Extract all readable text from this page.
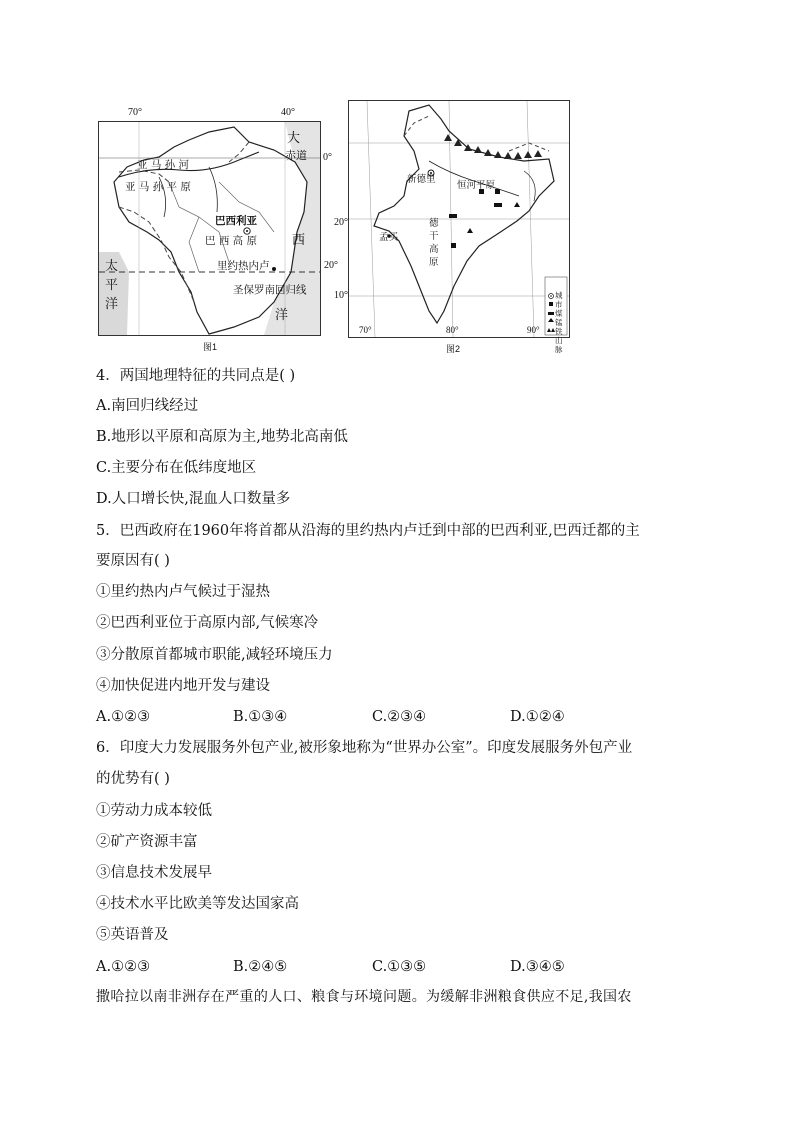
70°	40°
0°
20°
大
赤道
亚 马 孙 河
亚 马 孙 平 原
巴西利亚
巴 西 高 原	西
里约热内卢
圣保罗南回归线
太
平
洋
洋
图1
20°
10°
新德里
恒河平原
孟买
德
干
高
原
城市
煤
锰
铁
山脉
70°	80°	90°
图2
4．两国地理特征的共同点是( )
A.南回归线经过
B.地形以平原和高原为主,地势北高南低
C.主要分布在低纬度地区
D.人口增长快,混血人口数量多
5．巴西政府在1960年将首都从沿海的里约热内卢迁到中部的巴西利亚,巴西迁都的主
要原因有( )
①里约热内卢气候过于湿热
②巴西利亚位于高原内部,气候寒冷
③分散原首都城市职能,减轻环境压力
④加快促进内地开发与建设
A.①②③	B.①③④	C.②③④	D.①②④
6．印度大力发展服务外包产业,被形象地称为“世界办公室”。印度发展服务外包产业
的优势有( )
①劳动力成本较低
②矿产资源丰富
③信息技术发展早
④技术水平比欧美等发达国家高
⑤英语普及
A.①②③	B.②④⑤	C.①③⑤	D.③④⑤
撒哈拉以南非洲存在严重的人口、粮食与环境问题。为缓解非洲粮食供应不足,我国农
